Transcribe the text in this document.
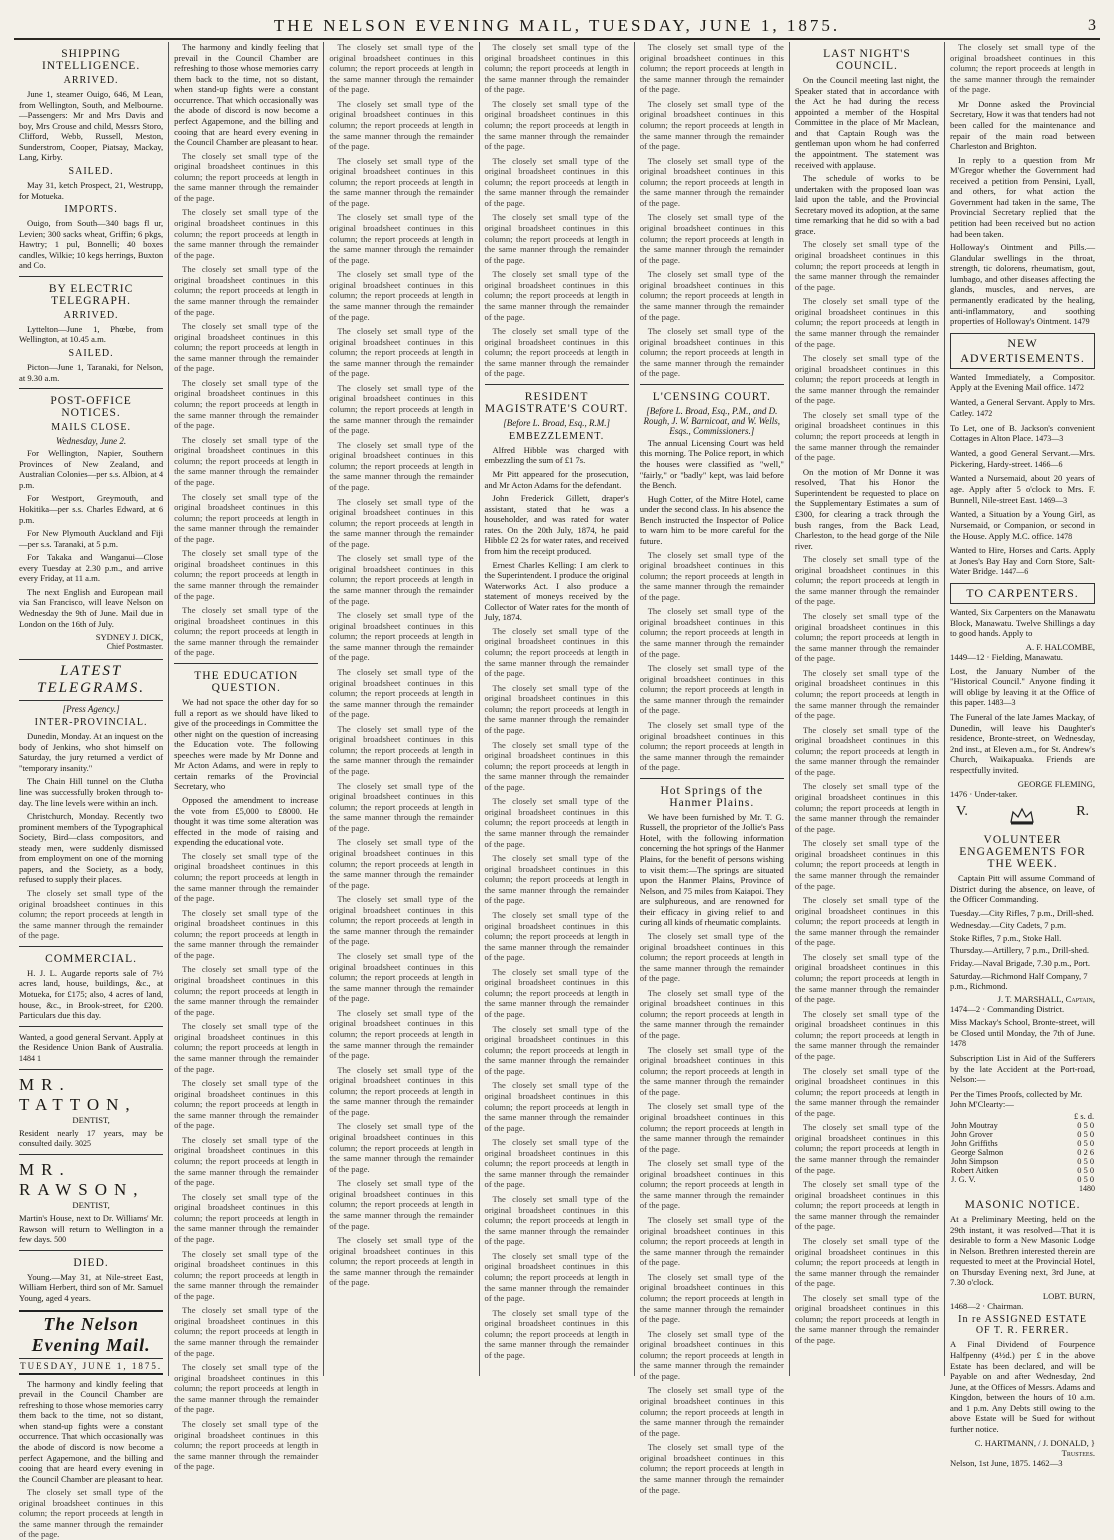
THE NELSON EVENING MAIL, TUESDAY, JUNE 1, 1875.	3
SHIPPING INTELLIGENCE.
ARRIVED.

June 1, steamer Ouigo, 646, M Lean, from Wellington, South, and Melbourne.—Passengers: Mr and Mrs Davis and boy, Mrs Crouse and child, Messrs Storo, Clifford, Webb, Russell, Meston, Sunderstrom, Cooper, Piatsay, Mackay, Lang, Kirby.

SAILED.

May 31, ketch Prospect, 21, Westrupp, for Motueka.

IMPORTS.

Ouigo, from South—340 bags fl ur, Levien; 300 sacks wheat, Griffin; 6 pkgs, Hawtry; 1 pul, Bonnelli; 40 boxes candles, Wilkie; 10 kegs herrings, Buxton and Co.

BY ELECTRIC TELEGRAPH.
ARRIVED.

Lyttelton—June 1, Phœbe, from Wellington, at 10.45 a.m.

SAILED.

Picton—June 1, Taranaki, for Nelson, at 9.30 a.m.

POST-OFFICE NOTICES.
MAILS CLOSE.
Wednesday, June 2.

For Wellington, Napier, Southern Provinces of New Zealand, and Australian Colonies—per s.s. Albion, at 4 p.m.

For Westport, Greymouth, and Hokitika—per s.s. Charles Edward, at 6 p.m.

For New Plymouth Auckland and Fiji—per s.s. Taranaki, at 5 p.m.

For Takaka and Wanganui—Close every Tuesday at 2.30 p.m., and arrive every Friday, at 11 a.m.

The next English and European mail via San Francisco, will leave Nelson on Wednesday the 9th of June. Mail due in London on the 16th of July.

SYDNEY J. DICK,
Chief Postmaster.
LATEST TELEGRAMS.
[Press Agency.]
INTER-PROVINCIAL.

Dunedin, Monday. At an inquest on the body of Jenkins, who shot himself on Saturday, the jury returned a verdict of "temporary insanity."

The Chain Hill tunnel on the Clutha line was successfully broken through to-day. The line levels were within an inch.

Christchurch, Monday. Recently two prominent members of the Typographical Society, Bird—class compositors, and steady men, were suddenly dismissed from employment on one of the morning papers, and the Society, as a body, refused to supply their places.

The closely set small type of the original broadsheet continues in this column; the report proceeds at length in the same manner through the remainder of the page.

COMMERCIAL.

H. J. L. Augarde reports sale of 7½ acres land, house, buildings, &c., at Motueka, for £175; also, 4 acres of land, house, &c., in Brook-street, for £200. Particulars due this day.

Wanted, a good general Servant. Apply at the Residence Union Bank of Australia. 1484 1
MR. TATTON,
DENTIST,
Resident nearly 17 years, may be consulted daily. 3025
MR. RAWSON,
DENTIST,
Martin's House, next to Dr. Williams' Mr. Rawson will return to Wellington in a few days. 500
DIED.

Young.—May 31, at Nile-street East, William Herbert, third son of Mr. Samuel Young, aged 4 years.

The Nelson Evening Mail.
TUESDAY, JUNE 1, 1875.

The harmony and kindly feeling that prevail in the Council Chamber are refreshing to those whose memories carry them back to the time, not so distant, when stand-up fights were a constant occurrence. That which occasionally was the abode of discord is now become a perfect Agapemone, and the billing and cooing that are heard every evening in the Council Chamber are pleasant to hear.

The closely set small type of the original broadsheet continues in this column; the report proceeds at length in the same manner through the remainder of the page.

The harmony and kindly feeling that prevail in the Council Chamber are refreshing to those whose memories carry them back to the time, not so distant, when stand-up fights were a constant occurrence. That which occasionally was the abode of discord is now become a perfect Agapemone, and the billing and cooing that are heard every evening in the Council Chamber are pleasant to hear.

The closely set small type of the original broadsheet continues in this column; the report proceeds at length in the same manner through the remainder of the page.

The closely set small type of the original broadsheet continues in this column; the report proceeds at length in the same manner through the remainder of the page.

The closely set small type of the original broadsheet continues in this column; the report proceeds at length in the same manner through the remainder of the page.

The closely set small type of the original broadsheet continues in this column; the report proceeds at length in the same manner through the remainder of the page.

The closely set small type of the original broadsheet continues in this column; the report proceeds at length in the same manner through the remainder of the page.

The closely set small type of the original broadsheet continues in this column; the report proceeds at length in the same manner through the remainder of the page.

The closely set small type of the original broadsheet continues in this column; the report proceeds at length in the same manner through the remainder of the page.

The closely set small type of the original broadsheet continues in this column; the report proceeds at length in the same manner through the remainder of the page.

The closely set small type of the original broadsheet continues in this column; the report proceeds at length in the same manner through the remainder of the page.

THE EDUCATION QUESTION.

We had not space the other day for so full a report as we should have liked to give of the proceedings in Committee the other night on the question of increasing the Education vote. The following speeches were made by Mr Donne and Mr Acton Adams, and were in reply to certain remarks of the Provincial Secretary, who

Opposed the amendment to increase the vote from £5,000 to £8000. He thought it was time some alteration was effected in the mode of raising and expending the educational vote.

The closely set small type of the original broadsheet continues in this column; the report proceeds at length in the same manner through the remainder of the page.

The closely set small type of the original broadsheet continues in this column; the report proceeds at length in the same manner through the remainder of the page.

The closely set small type of the original broadsheet continues in this column; the report proceeds at length in the same manner through the remainder of the page.

The closely set small type of the original broadsheet continues in this column; the report proceeds at length in the same manner through the remainder of the page.

The closely set small type of the original broadsheet continues in this column; the report proceeds at length in the same manner through the remainder of the page.

The closely set small type of the original broadsheet continues in this column; the report proceeds at length in the same manner through the remainder of the page.

The closely set small type of the original broadsheet continues in this column; the report proceeds at length in the same manner through the remainder of the page.

The closely set small type of the original broadsheet continues in this column; the report proceeds at length in the same manner through the remainder of the page.

The closely set small type of the original broadsheet continues in this column; the report proceeds at length in the same manner through the remainder of the page.

The closely set small type of the original broadsheet continues in this column; the report proceeds at length in the same manner through the remainder of the page.

The closely set small type of the original broadsheet continues in this column; the report proceeds at length in the same manner through the remainder of the page.

The closely set small type of the original broadsheet continues in this column; the report proceeds at length in the same manner through the remainder of the page.

The closely set small type of the original broadsheet continues in this column; the report proceeds at length in the same manner through the remainder of the page.

The closely set small type of the original broadsheet continues in this column; the report proceeds at length in the same manner through the remainder of the page.

The closely set small type of the original broadsheet continues in this column; the report proceeds at length in the same manner through the remainder of the page.

The closely set small type of the original broadsheet continues in this column; the report proceeds at length in the same manner through the remainder of the page.

The closely set small type of the original broadsheet continues in this column; the report proceeds at length in the same manner through the remainder of the page.

The closely set small type of the original broadsheet continues in this column; the report proceeds at length in the same manner through the remainder of the page.

The closely set small type of the original broadsheet continues in this column; the report proceeds at length in the same manner through the remainder of the page.

The closely set small type of the original broadsheet continues in this column; the report proceeds at length in the same manner through the remainder of the page.

The closely set small type of the original broadsheet continues in this column; the report proceeds at length in the same manner through the remainder of the page.

The closely set small type of the original broadsheet continues in this column; the report proceeds at length in the same manner through the remainder of the page.

The closely set small type of the original broadsheet continues in this column; the report proceeds at length in the same manner through the remainder of the page.

The closely set small type of the original broadsheet continues in this column; the report proceeds at length in the same manner through the remainder of the page.

The closely set small type of the original broadsheet continues in this column; the report proceeds at length in the same manner through the remainder of the page.

The closely set small type of the original broadsheet continues in this column; the report proceeds at length in the same manner through the remainder of the page.

The closely set small type of the original broadsheet continues in this column; the report proceeds at length in the same manner through the remainder of the page.

The closely set small type of the original broadsheet continues in this column; the report proceeds at length in the same manner through the remainder of the page.

The closely set small type of the original broadsheet continues in this column; the report proceeds at length in the same manner through the remainder of the page.

The closely set small type of the original broadsheet continues in this column; the report proceeds at length in the same manner through the remainder of the page.

The closely set small type of the original broadsheet continues in this column; the report proceeds at length in the same manner through the remainder of the page.

The closely set small type of the original broadsheet continues in this column; the report proceeds at length in the same manner through the remainder of the page.

The closely set small type of the original broadsheet continues in this column; the report proceeds at length in the same manner through the remainder of the page.

The closely set small type of the original broadsheet continues in this column; the report proceeds at length in the same manner through the remainder of the page.

The closely set small type of the original broadsheet continues in this column; the report proceeds at length in the same manner through the remainder of the page.

The closely set small type of the original broadsheet continues in this column; the report proceeds at length in the same manner through the remainder of the page.

The closely set small type of the original broadsheet continues in this column; the report proceeds at length in the same manner through the remainder of the page.

The closely set small type of the original broadsheet continues in this column; the report proceeds at length in the same manner through the remainder of the page.

The closely set small type of the original broadsheet continues in this column; the report proceeds at length in the same manner through the remainder of the page.

RESIDENT MAGISTRATE'S COURT.
[Before L. Broad, Esq., R.M.]
EMBEZZLEMENT.

Alfred Hibble was charged with embezzling the sum of £1 7s.

Mr Pitt appeared for the prosecution, and Mr Acton Adams for the defendant.

John Frederick Gillett, draper's assistant, stated that he was a householder, and was rated for water rates. On the 20th July, 1874, he paid Hibble £2 2s for water rates, and received from him the receipt produced.

Ernest Charles Kelling: I am clerk to the Superintendent. I produce the original Waterworks Act. I also produce a statement of moneys received by the Collector of Water rates for the month of July, 1874.

The closely set small type of the original broadsheet continues in this column; the report proceeds at length in the same manner through the remainder of the page.

The closely set small type of the original broadsheet continues in this column; the report proceeds at length in the same manner through the remainder of the page.

The closely set small type of the original broadsheet continues in this column; the report proceeds at length in the same manner through the remainder of the page.

The closely set small type of the original broadsheet continues in this column; the report proceeds at length in the same manner through the remainder of the page.

The closely set small type of the original broadsheet continues in this column; the report proceeds at length in the same manner through the remainder of the page.

The closely set small type of the original broadsheet continues in this column; the report proceeds at length in the same manner through the remainder of the page.

The closely set small type of the original broadsheet continues in this column; the report proceeds at length in the same manner through the remainder of the page.

The closely set small type of the original broadsheet continues in this column; the report proceeds at length in the same manner through the remainder of the page.

The closely set small type of the original broadsheet continues in this column; the report proceeds at length in the same manner through the remainder of the page.

The closely set small type of the original broadsheet continues in this column; the report proceeds at length in the same manner through the remainder of the page.

The closely set small type of the original broadsheet continues in this column; the report proceeds at length in the same manner through the remainder of the page.

The closely set small type of the original broadsheet continues in this column; the report proceeds at length in the same manner through the remainder of the page.

The closely set small type of the original broadsheet continues in this column; the report proceeds at length in the same manner through the remainder of the page.

The closely set small type of the original broadsheet continues in this column; the report proceeds at length in the same manner through the remainder of the page.

The closely set small type of the original broadsheet continues in this column; the report proceeds at length in the same manner through the remainder of the page.

The closely set small type of the original broadsheet continues in this column; the report proceeds at length in the same manner through the remainder of the page.

The closely set small type of the original broadsheet continues in this column; the report proceeds at length in the same manner through the remainder of the page.

The closely set small type of the original broadsheet continues in this column; the report proceeds at length in the same manner through the remainder of the page.

The closely set small type of the original broadsheet continues in this column; the report proceeds at length in the same manner through the remainder of the page.

L'CENSING COURT.
[Before L. Broad, Esq., P.M., and D. Rough, J. W. Barnicoat, and W. Wells, Esqs., Commissioners.]

The annual Licensing Court was held this morning. The Police report, in which the houses were classified as "well," "fairly," or "badly" kept, was laid before the Bench.

Hugh Cotter, of the Mitre Hotel, came under the second class. In his absence the Bench instructed the Inspector of Police to warn him to be more careful for the future.

The closely set small type of the original broadsheet continues in this column; the report proceeds at length in the same manner through the remainder of the page.

The closely set small type of the original broadsheet continues in this column; the report proceeds at length in the same manner through the remainder of the page.

The closely set small type of the original broadsheet continues in this column; the report proceeds at length in the same manner through the remainder of the page.

The closely set small type of the original broadsheet continues in this column; the report proceeds at length in the same manner through the remainder of the page.

Hot Springs of the Hanmer Plains.

We have been furnished by Mr. T. G. Russell, the proprietor of the Jollie's Pass Hotel, with the following information concerning the hot springs of the Hanmer Plains, for the benefit of persons wishing to visit them:—The springs are situated upon the Hanmer Plains, Province of Nelson, and 75 miles from Kaiapoi. They are sulphureous, and are renowned for their efficacy in giving relief to and curing all kinds of rheumatic complaints.

The closely set small type of the original broadsheet continues in this column; the report proceeds at length in the same manner through the remainder of the page.

The closely set small type of the original broadsheet continues in this column; the report proceeds at length in the same manner through the remainder of the page.

The closely set small type of the original broadsheet continues in this column; the report proceeds at length in the same manner through the remainder of the page.

The closely set small type of the original broadsheet continues in this column; the report proceeds at length in the same manner through the remainder of the page.

The closely set small type of the original broadsheet continues in this column; the report proceeds at length in the same manner through the remainder of the page.

The closely set small type of the original broadsheet continues in this column; the report proceeds at length in the same manner through the remainder of the page.

The closely set small type of the original broadsheet continues in this column; the report proceeds at length in the same manner through the remainder of the page.

The closely set small type of the original broadsheet continues in this column; the report proceeds at length in the same manner through the remainder of the page.

The closely set small type of the original broadsheet continues in this column; the report proceeds at length in the same manner through the remainder of the page.

The closely set small type of the original broadsheet continues in this column; the report proceeds at length in the same manner through the remainder of the page.

LAST NIGHT'S COUNCIL.

On the Council meeting last night, the Speaker stated that in accordance with the Act he had during the recess appointed a member of the Hospital Committee in the place of Mr Maclean, and that Captain Rough was the gentleman upon whom he had conferred the appointment. The statement was received with applause.

The schedule of works to be undertaken with the proposed loan was laid upon the table, and the Provincial Secretary moved its adoption, at the same time remarking that he did so with a bad grace.

The closely set small type of the original broadsheet continues in this column; the report proceeds at length in the same manner through the remainder of the page.

The closely set small type of the original broadsheet continues in this column; the report proceeds at length in the same manner through the remainder of the page.

The closely set small type of the original broadsheet continues in this column; the report proceeds at length in the same manner through the remainder of the page.

The closely set small type of the original broadsheet continues in this column; the report proceeds at length in the same manner through the remainder of the page.

On the motion of Mr Donne it was resolved, That his Honor the Superintendent be requested to place on the Supplementary Estimates a sum of £300, for clearing a track through the bush ranges, from the Back Lead, Charleston, to the head gorge of the Nile river.

The closely set small type of the original broadsheet continues in this column; the report proceeds at length in the same manner through the remainder of the page.

The closely set small type of the original broadsheet continues in this column; the report proceeds at length in the same manner through the remainder of the page.

The closely set small type of the original broadsheet continues in this column; the report proceeds at length in the same manner through the remainder of the page.

The closely set small type of the original broadsheet continues in this column; the report proceeds at length in the same manner through the remainder of the page.

The closely set small type of the original broadsheet continues in this column; the report proceeds at length in the same manner through the remainder of the page.

The closely set small type of the original broadsheet continues in this column; the report proceeds at length in the same manner through the remainder of the page.

The closely set small type of the original broadsheet continues in this column; the report proceeds at length in the same manner through the remainder of the page.

The closely set small type of the original broadsheet continues in this column; the report proceeds at length in the same manner through the remainder of the page.

The closely set small type of the original broadsheet continues in this column; the report proceeds at length in the same manner through the remainder of the page.

The closely set small type of the original broadsheet continues in this column; the report proceeds at length in the same manner through the remainder of the page.

The closely set small type of the original broadsheet continues in this column; the report proceeds at length in the same manner through the remainder of the page.

The closely set small type of the original broadsheet continues in this column; the report proceeds at length in the same manner through the remainder of the page.

The closely set small type of the original broadsheet continues in this column; the report proceeds at length in the same manner through the remainder of the page.

The closely set small type of the original broadsheet continues in this column; the report proceeds at length in the same manner through the remainder of the page.

The closely set small type of the original broadsheet continues in this column; the report proceeds at length in the same manner through the remainder of the page.

Mr Donne asked the Provincial Secretary, How it was that tenders had not been called for the maintenance and repair of the main road between Charleston and Brighton.

In reply to a question from Mr M'Gregor whether the Government had received a petition from Pensini, Lyall, and others, for what action the Government had taken in the same, The Provincial Secretary replied that the petition had been received but no action had been taken.

Holloway's Ointment and Pills.—Glandular swellings in the throat, strength, tic dolorens, rheumatism, gout, lumbago, and other diseases affecting the glands, muscles, and nerves, are permanently eradicated by the healing, anti-inflammatory, and soothing properties of Holloway's Ointment. 1479
NEW ADVERTISEMENTS.
Wanted Immediately, a Compositor. Apply at the Evening Mail office. 1472
Wanted, a General Servant. Apply to Mrs. Catley. 1472
To Let, one of B. Jackson's convenient Cottages in Alton Place. 1473—3
Wanted, a good General Servant.—Mrs. Pickering, Hardy-street. 1466—6
Wanted a Nursemaid, about 20 years of age. Apply after 5 o'clock to Mrs. F. Bunnell, Nile-street East. 1469—3
Wanted, a Situation by a Young Girl, as Nursemaid, or Companion, or second in the House. Apply M.C. office. 1478
Wanted to Hire, Horses and Carts. Apply at Jones's Bay Hay and Corn Store, Salt-Water Bridge. 1447—6
TO CARPENTERS.

Wanted, Six Carpenters on the Manawatu Block, Manawatu. Twelve Shillings a day to good hands. Apply to

A. F. HALCOMBE,
1449—12 · Fielding, Manawatu.
Lost, the January Number of the "Historical Council." Anyone finding it will oblige by leaving it at the Office of this paper. 1483—3
The Funeral of the late James Mackay, of Dunedin, will leave his Daughter's residence, Bronte-street, on Wednesday, 2nd inst., at Eleven a.m., for St. Andrew's Church, Waikapuaka. Friends are respectfully invited.
GEORGE FLEMING,
1476 · Under-taker.
V.	R.
VOLUNTEER ENGAGEMENTS FOR THE WEEK.

Captain Pitt will assume Command of District during the absence, on leave, of the Officer Commanding.

Tuesday.—City Rifles, 7 p.m., Drill-shed.
Wednesday.—City Cadets, 7 p.m.
Stoke Rifles, 7 p.m., Stoke Hall.
Thursday.—Artillery, 7 p.m., Drill-shed.
Friday.—Naval Brigade, 7.30 p.m., Port.
Saturday.—Richmond Half Company, 7 p.m., Richmond.
J. T. MARSHALL, Captain,
1474—2 · Commanding District.
Miss Mackay's School, Bronte-street, will be Closed until Monday, the 7th of June. 1478
Subscription List in Aid of the Sufferers by the late Accident at the Port-road, Nelson:—
Per the Times Proofs, collected by Mr. John M'Clearty:—
	£ s. d.
John Moutray	0 5 0
John Grover	0 5 0
John Griffiths	0 5 0
George Salmon	0 2 6
John Simpson	0 5 0
Robert Aitken	0 5 0
J. G. V.	0 5 0
1480
MASONIC NOTICE.

At a Preliminary Meeting, held on the 29th instant, it was resolved—That it is desirable to form a New Masonic Lodge in Nelson. Brethren interested therein are requested to meet at the Provincial Hotel, on Thursday Evening next, 3rd June, at 7.30 o'clock.

LOBT. BURN,
1468—2 · Chairman.
In re ASSIGNED ESTATE OF T. R. FERRER.

A Final Dividend of Fourpence Halfpenny (4½d.) per £ in the above Estate has been declared, and will be Payable on and after Wednesday, 2nd June, at the Offices of Messrs. Adams and Kingdon, between the hours of 10 a.m. and 1 p.m. Any Debts still owing to the above Estate will be Sued for without further notice.

C. HARTMANN, / J. DONALD, } Trustees.
Nelson, 1st June, 1875. 1462—3
